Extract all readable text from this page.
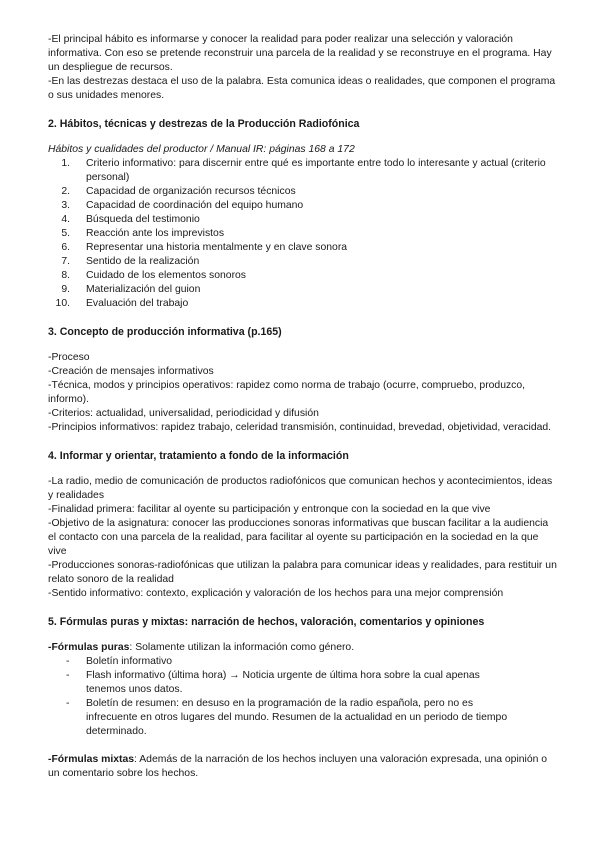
-El principal hábito es informarse y conocer la realidad para poder realizar una selección y valoración informativa. Con eso se pretende reconstruir una parcela de la realidad y se reconstruye en el programa. Hay un despliegue de recursos.

-En las destrezas destaca el uso de la palabra. Esta comunica ideas o realidades, que componen el programa o sus unidades menores.

2. Hábitos, técnicas y destrezas de la Producción Radiofónica

Hábitos y cualidades del productor / Manual IR: páginas 168 a 172

1.	Criterio informativo: para discernir entre qué es importante entre todo lo interesante y actual (criterio personal)
2.	Capacidad de organización recursos técnicos
3.	Capacidad de coordinación del equipo humano
4.	Búsqueda del testimonio
5.	Reacción ante los imprevistos
6.	Representar una historia mentalmente y en clave sonora
7.	Sentido de la realización
8.	Cuidado de los elementos sonoros
9.	Materialización del guion
10.	Evaluación del trabajo
3. Concepto de producción informativa (p.165)

-Proceso

-Creación de mensajes informativos

-Técnica, modos y principios operativos: rapidez como norma de trabajo (ocurre, compruebo, produzco, informo).

-Criterios: actualidad, universalidad, periodicidad y difusión

-Principios informativos: rapidez trabajo, celeridad transmisión, continuidad, brevedad, objetividad, veracidad.

4. Informar y orientar, tratamiento a fondo de la información

-La radio, medio de comunicación de productos radiofónicos que comunican hechos y acontecimientos, ideas y realidades

-Finalidad primera: facilitar al oyente su participación y entronque con la sociedad en la que vive

-Objetivo de la asignatura: conocer las producciones sonoras informativas que buscan facilitar a la audiencia el contacto con una parcela de la realidad, para facilitar al oyente su participación en la sociedad en la que vive

-Producciones sonoras-radiofónicas que utilizan la palabra para comunicar ideas y realidades, para restituir un relato sonoro de la realidad

-Sentido informativo: contexto, explicación y valoración de los hechos para una mejor comprensión

5. Fórmulas puras y mixtas: narración de hechos, valoración, comentarios y opiniones

-Fórmulas puras: Solamente utilizan la información como género.

-	Boletín informativo
-	Flash informativo (última hora) → Noticia urgente de última hora sobre la cual apenas tenemos unos datos.
-	Boletín de resumen: en desuso en la programación de la radio española, pero no es infrecuente en otros lugares del mundo. Resumen de la actualidad en un periodo de tiempo determinado.

-Fórmulas mixtas: Además de la narración de los hechos incluyen una valoración expresada, una opinión o un comentario sobre los hechos.
